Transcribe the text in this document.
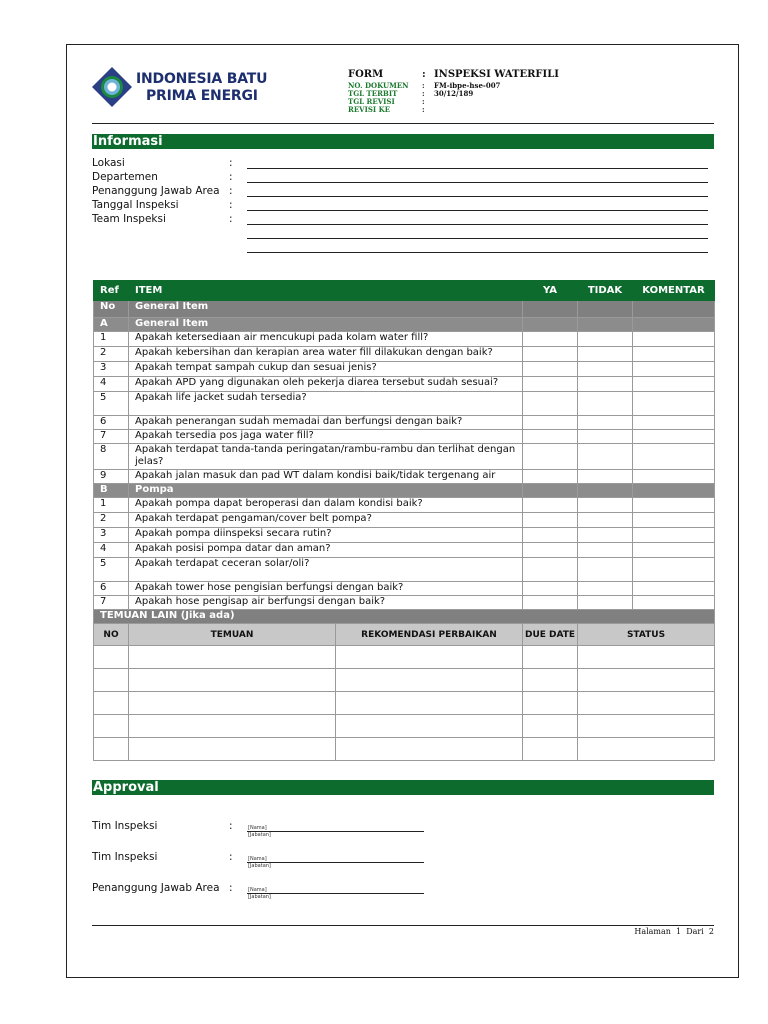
INDONESIA BATU
PRIMA ENERGI
FORM	: INSPEKSI WATERFILI
NO. DOKUMEN : FM-ibpe-hse-007
TGL TERBIT	: 30/12/189
TGL REVISI	:
REVISI KE	:
Informasi
Lokasi	:
Departemen	:
Penanggung Jawab Area :
Tanggal Inspeksi	:
Team Inspeksi	:
Ref	ITEM		YA	TIDAK	KOMENTAR
No	General Item				
A	General Item				
1	Apakah ketersediaan air mencukupi pada kolam water fill?				
2	Apakah kebersihan dan kerapian area water fill dilakukan dengan baik?				
3	Apakah tempat sampah cukup dan sesuai jenis?				
4	Apakah APD yang digunakan oleh pekerja diarea tersebut sudah sesuai?				
5	Apakah life jacket sudah tersedia?				
6	Apakah penerangan sudah memadai dan berfungsi dengan baik?				
7	Apakah tersedia pos jaga water fill?				
8	Apakah terdapat tanda-tanda peringatan/rambu-rambu dan terlihat dengan jelas?				
9	Apakah jalan masuk dan pad WT dalam kondisi baik/tidak tergenang air				
B	Pompa				
1	Apakah pompa dapat beroperasi dan dalam kondisi baik?				
2	Apakah terdapat pengaman/cover belt pompa?				
3	Apakah pompa diinspeksi secara rutin?				
4	Apakah posisi pompa datar dan aman?				
5	Apakah terdapat ceceran solar/oli?				
6	Apakah tower hose pengisian berfungsi dengan baik?				
7	Apakah hose pengisap air berfungsi dengan baik?				
TEMUAN LAIN (Jika ada)					
NO	TEMUAN	REKOMENDASI PERBAIKAN	DUE DATE	STATUS	

Approval
Tim Inspeksi	:	[Nama]
[Jabatan]
Tim Inspeksi	:	[Nama]
[Jabatan]
Penanggung Jawab Area :	[Nama]
[Jabatan]
Halaman 1 Dari 2
